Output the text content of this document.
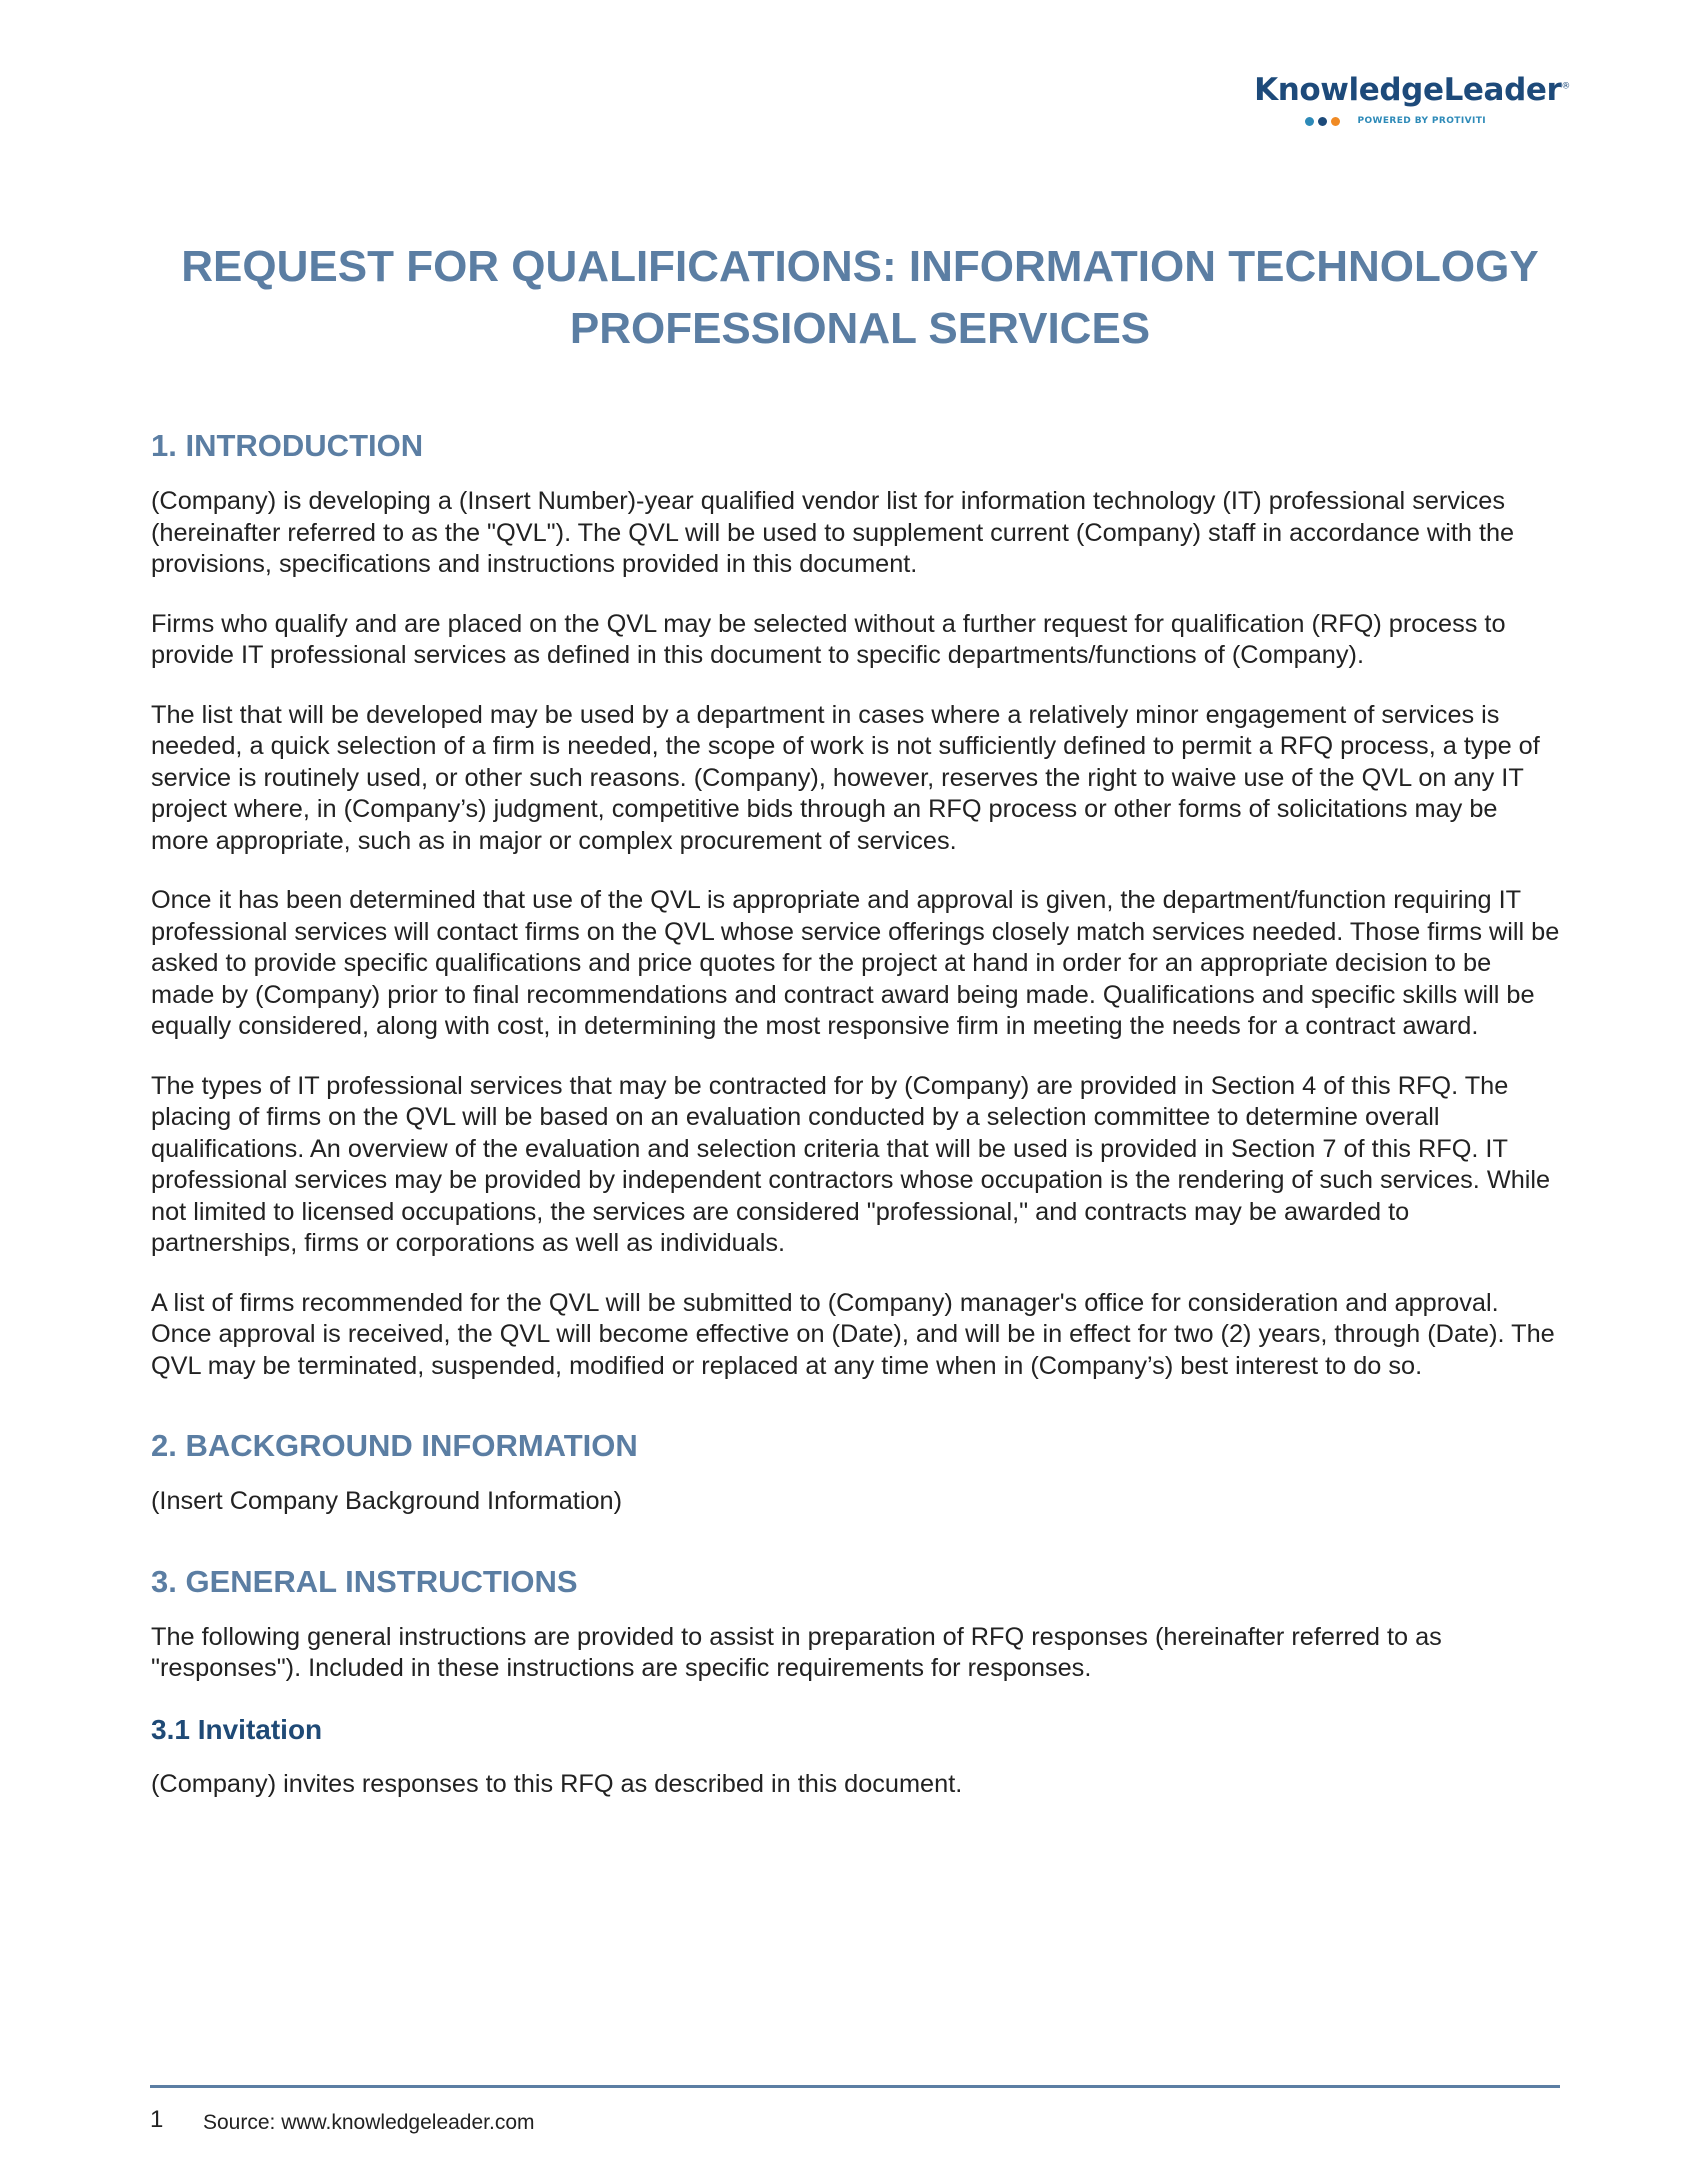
KnowledgeLeader®
POWERED BY PROTIVITI
REQUEST FOR QUALIFICATIONS: INFORMATION TECHNOLOGY PROFESSIONAL SERVICES
1. INTRODUCTION

(Company) is developing a (Insert Number)-year qualified vendor list for information technology (IT) professional services (hereinafter referred to as the "QVL"). The QVL will be used to supplement current (Company) staff in accordance with the provisions, specifications and instructions provided in this document.

Firms who qualify and are placed on the QVL may be selected without a further request for qualification (RFQ) process to provide IT professional services as defined in this document to specific departments/functions of (Company).

The list that will be developed may be used by a department in cases where a relatively minor engagement of services is needed, a quick selection of a firm is needed, the scope of work is not sufficiently defined to permit a RFQ process, a type of service is routinely used, or other such reasons. (Company), however, reserves the right to waive use of the QVL on any IT project where, in (Company’s) judgment, competitive bids through an RFQ process or other forms of solicitations may be more appropriate, such as in major or complex procurement of services.

Once it has been determined that use of the QVL is appropriate and approval is given, the department/function requiring IT professional services will contact firms on the QVL whose service offerings closely match services needed. Those firms will be asked to provide specific qualifications and price quotes for the project at hand in order for an appropriate decision to be made by (Company) prior to final recommendations and contract award being made. Qualifications and specific skills will be equally considered, along with cost, in determining the most responsive firm in meeting the needs for a contract award.

The types of IT professional services that may be contracted for by (Company) are provided in Section 4 of this RFQ. The placing of firms on the QVL will be based on an evaluation conducted by a selection committee to determine overall qualifications. An overview of the evaluation and selection criteria that will be used is provided in Section 7 of this RFQ. IT professional services may be provided by independent contractors whose occupation is the rendering of such services. While not limited to licensed occupations, the services are considered "professional," and contracts may be awarded to partnerships, firms or corporations as well as individuals.

A list of firms recommended for the QVL will be submitted to (Company) manager's office for consideration and approval. Once approval is received, the QVL will become effective on (Date), and will be in effect for two (2) years, through (Date). The QVL may be terminated, suspended, modified or replaced at any time when in (Company’s) best interest to do so.

2. BACKGROUND INFORMATION

(Insert Company Background Information)

3. GENERAL INSTRUCTIONS

The following general instructions are provided to assist in preparation of RFQ responses (hereinafter referred to as "responses"). Included in these instructions are specific requirements for responses.

3.1 Invitation

(Company) invites responses to this RFQ as described in this document.

1 Source: www.knowledgeleader.com
